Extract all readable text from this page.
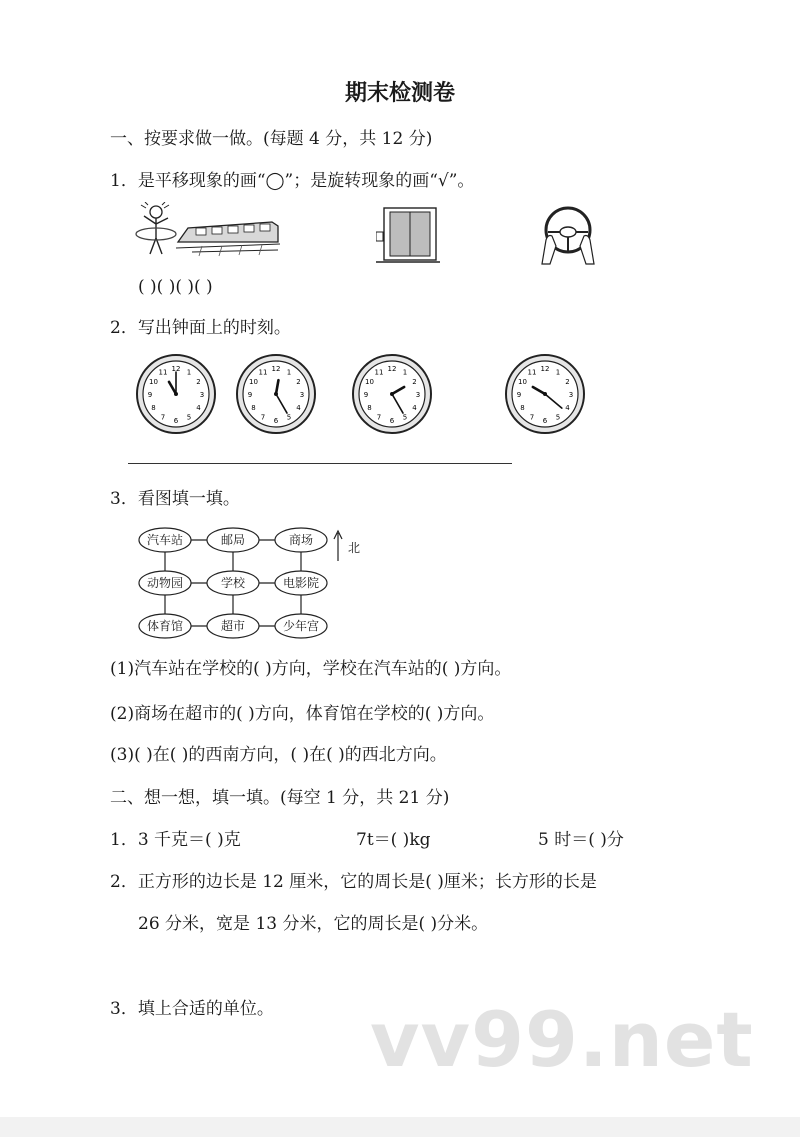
期末检测卷
一、按要求做一做。(每题 4 分，共 12 分)
1．是平移现象的画“◯”；是旋转现象的画“√”。
( )( )( )( )
2．写出钟面上的时刻。
1
2
3
4
5
6
7
8
9
10
11 12	1
2
3
4
5
6
7
8
9
10
11 12	1
2
3
4
5
6
7
8
9
10
11 12	1
2
3
4
5
6
7
8
9
10
11 12
3．看图填一填。
汽车站	邮局	商场
动物园	学校	电影院
体育馆	超市	少年宫
北
(1)汽车站在学校的( )方向，学校在汽车站的( )方向。
(2)商场在超市的( )方向，体育馆在学校的( )方向。
(3)( )在( )的西南方向，( )在( )的西北方向。
二、想一想，填一填。(每空 1 分，共 21 分)
1．3 千克＝( )克	7t＝( )kg	5 时＝( )分
2．正方形的边长是 12 厘米，它的周长是( )厘米；长方形的长是
26 分米，宽是 13 分米，它的周长是( )分米。
3．填上合适的单位。 vv99.net
